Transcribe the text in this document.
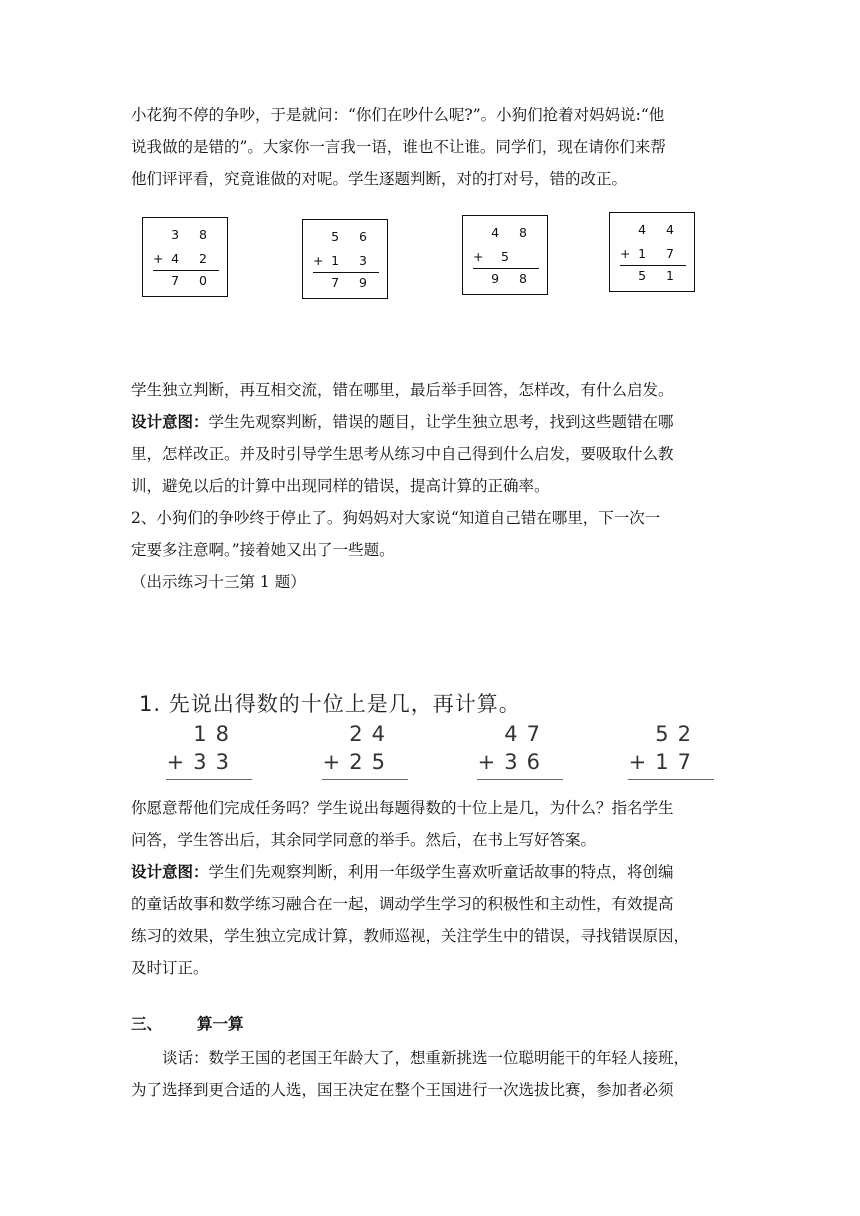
小花狗不停的争吵，于是就问：“你们在吵什么呢?”。小狗们抢着对妈妈说:“他
说我做的是错的”。大家你一言我一语，谁也不让谁。同学们，现在请你们来帮
他们评评看，究竟谁做的对呢。学生逐题判断，对的打对号，错的改正。
3 8
+ 4 2
7 0
5 6
+ 1 3
7 9
4 8
+ 5
9 8
4 4
+ 1 7
5 1
学生独立判断，再互相交流，错在哪里，最后举手回答，怎样改，有什么启发。
设计意图：学生先观察判断，错误的题目，让学生独立思考，找到这些题错在哪
里，怎样改正。并及时引导学生思考从练习中自己得到什么启发，要吸取什么教
训，避免以后的计算中出现同样的错误，提高计算的正确率。
2、小狗们的争吵终于停止了。狗妈妈对大家说“知道自己错在哪里，下一次一
定要多注意啊。”接着她又出了一些题。
（出示练习十三第 1 题）
1. 先说出得数的十位上是几，再计算。
18
+33
24
+25
47
+36
52
+17
你愿意帮他们完成任务吗？学生说出每题得数的十位上是几，为什么？指名学生
问答，学生答出后，其余同学同意的举手。然后，在书上写好答案。
设计意图：学生们先观察判断，利用一年级学生喜欢听童话故事的特点，将创编
的童话故事和数学练习融合在一起，调动学生学习的积极性和主动性，有效提高
练习的效果，学生独立完成计算，教师巡视，关注学生中的错误，寻找错误原因，
及时订正。
三、 算一算
谈话：数学王国的老国王年龄大了，想重新挑选一位聪明能干的年轻人接班，
为了选择到更合适的人选，国王决定在整个王国进行一次选拔比赛，参加者必须
